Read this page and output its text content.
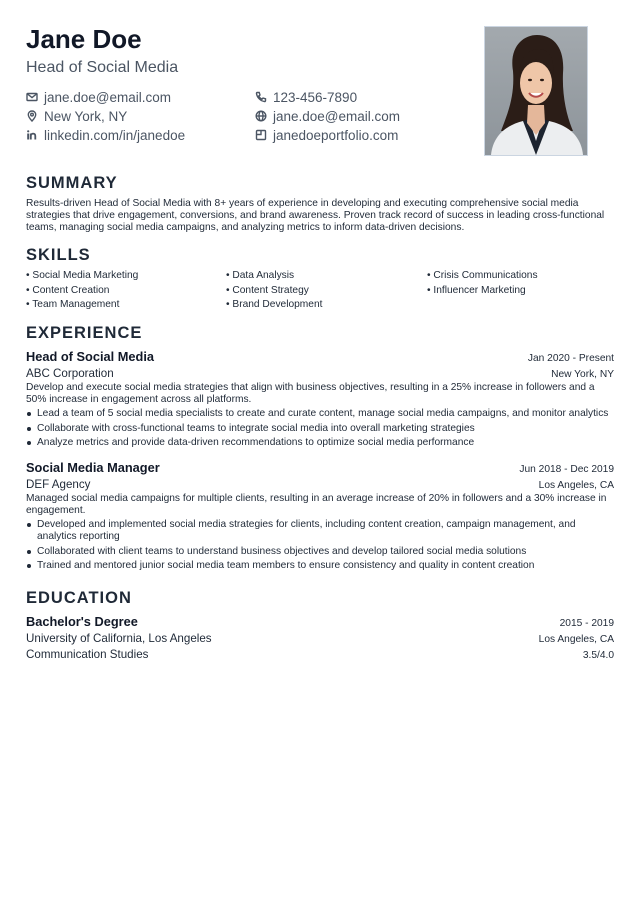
Jane Doe
Head of Social Media
jane.doe@email.com	123-456-7890
New York, NY	jane.doe@email.com
linkedin.com/in/janedoe	janedoeportfolio.com
SUMMARY

Results-driven Head of Social Media with 8+ years of experience in developing and executing comprehensive social media strategies that drive engagement, conversions, and brand awareness. Proven track record of success in leading cross-functional teams, managing social media campaigns, and analyzing metrics to inform data-driven decisions.

SKILLS
• Social Media Marketing	• Data Analysis	• Crisis Communications
• Content Creation	• Content Strategy	• Influencer Marketing
• Team Management	• Brand Development
EXPERIENCE
Head of Social Media	Jan 2020 - Present
ABC Corporation	New York, NY
Develop and execute social media strategies that align with business objectives, resulting in a 25% increase in followers and a 50% increase in engagement across all platforms.
Lead a team of 5 social media specialists to create and curate content, manage social media campaigns, and monitor analytics
Collaborate with cross-functional teams to integrate social media into overall marketing strategies
Analyze metrics and provide data-driven recommendations to optimize social media performance
Social Media Manager	Jun 2018 - Dec 2019
DEF Agency	Los Angeles, CA
Managed social media campaigns for multiple clients, resulting in an average increase of 20% in followers and a 30% increase in engagement.
Developed and implemented social media strategies for clients, including content creation, campaign management, and analytics reporting
Collaborated with client teams to understand business objectives and develop tailored social media solutions
Trained and mentored junior social media team members to ensure consistency and quality in content creation
EDUCATION
Bachelor's Degree	2015 - 2019
University of California, Los Angeles	Los Angeles, CA
Communication Studies	3.5/4.0
